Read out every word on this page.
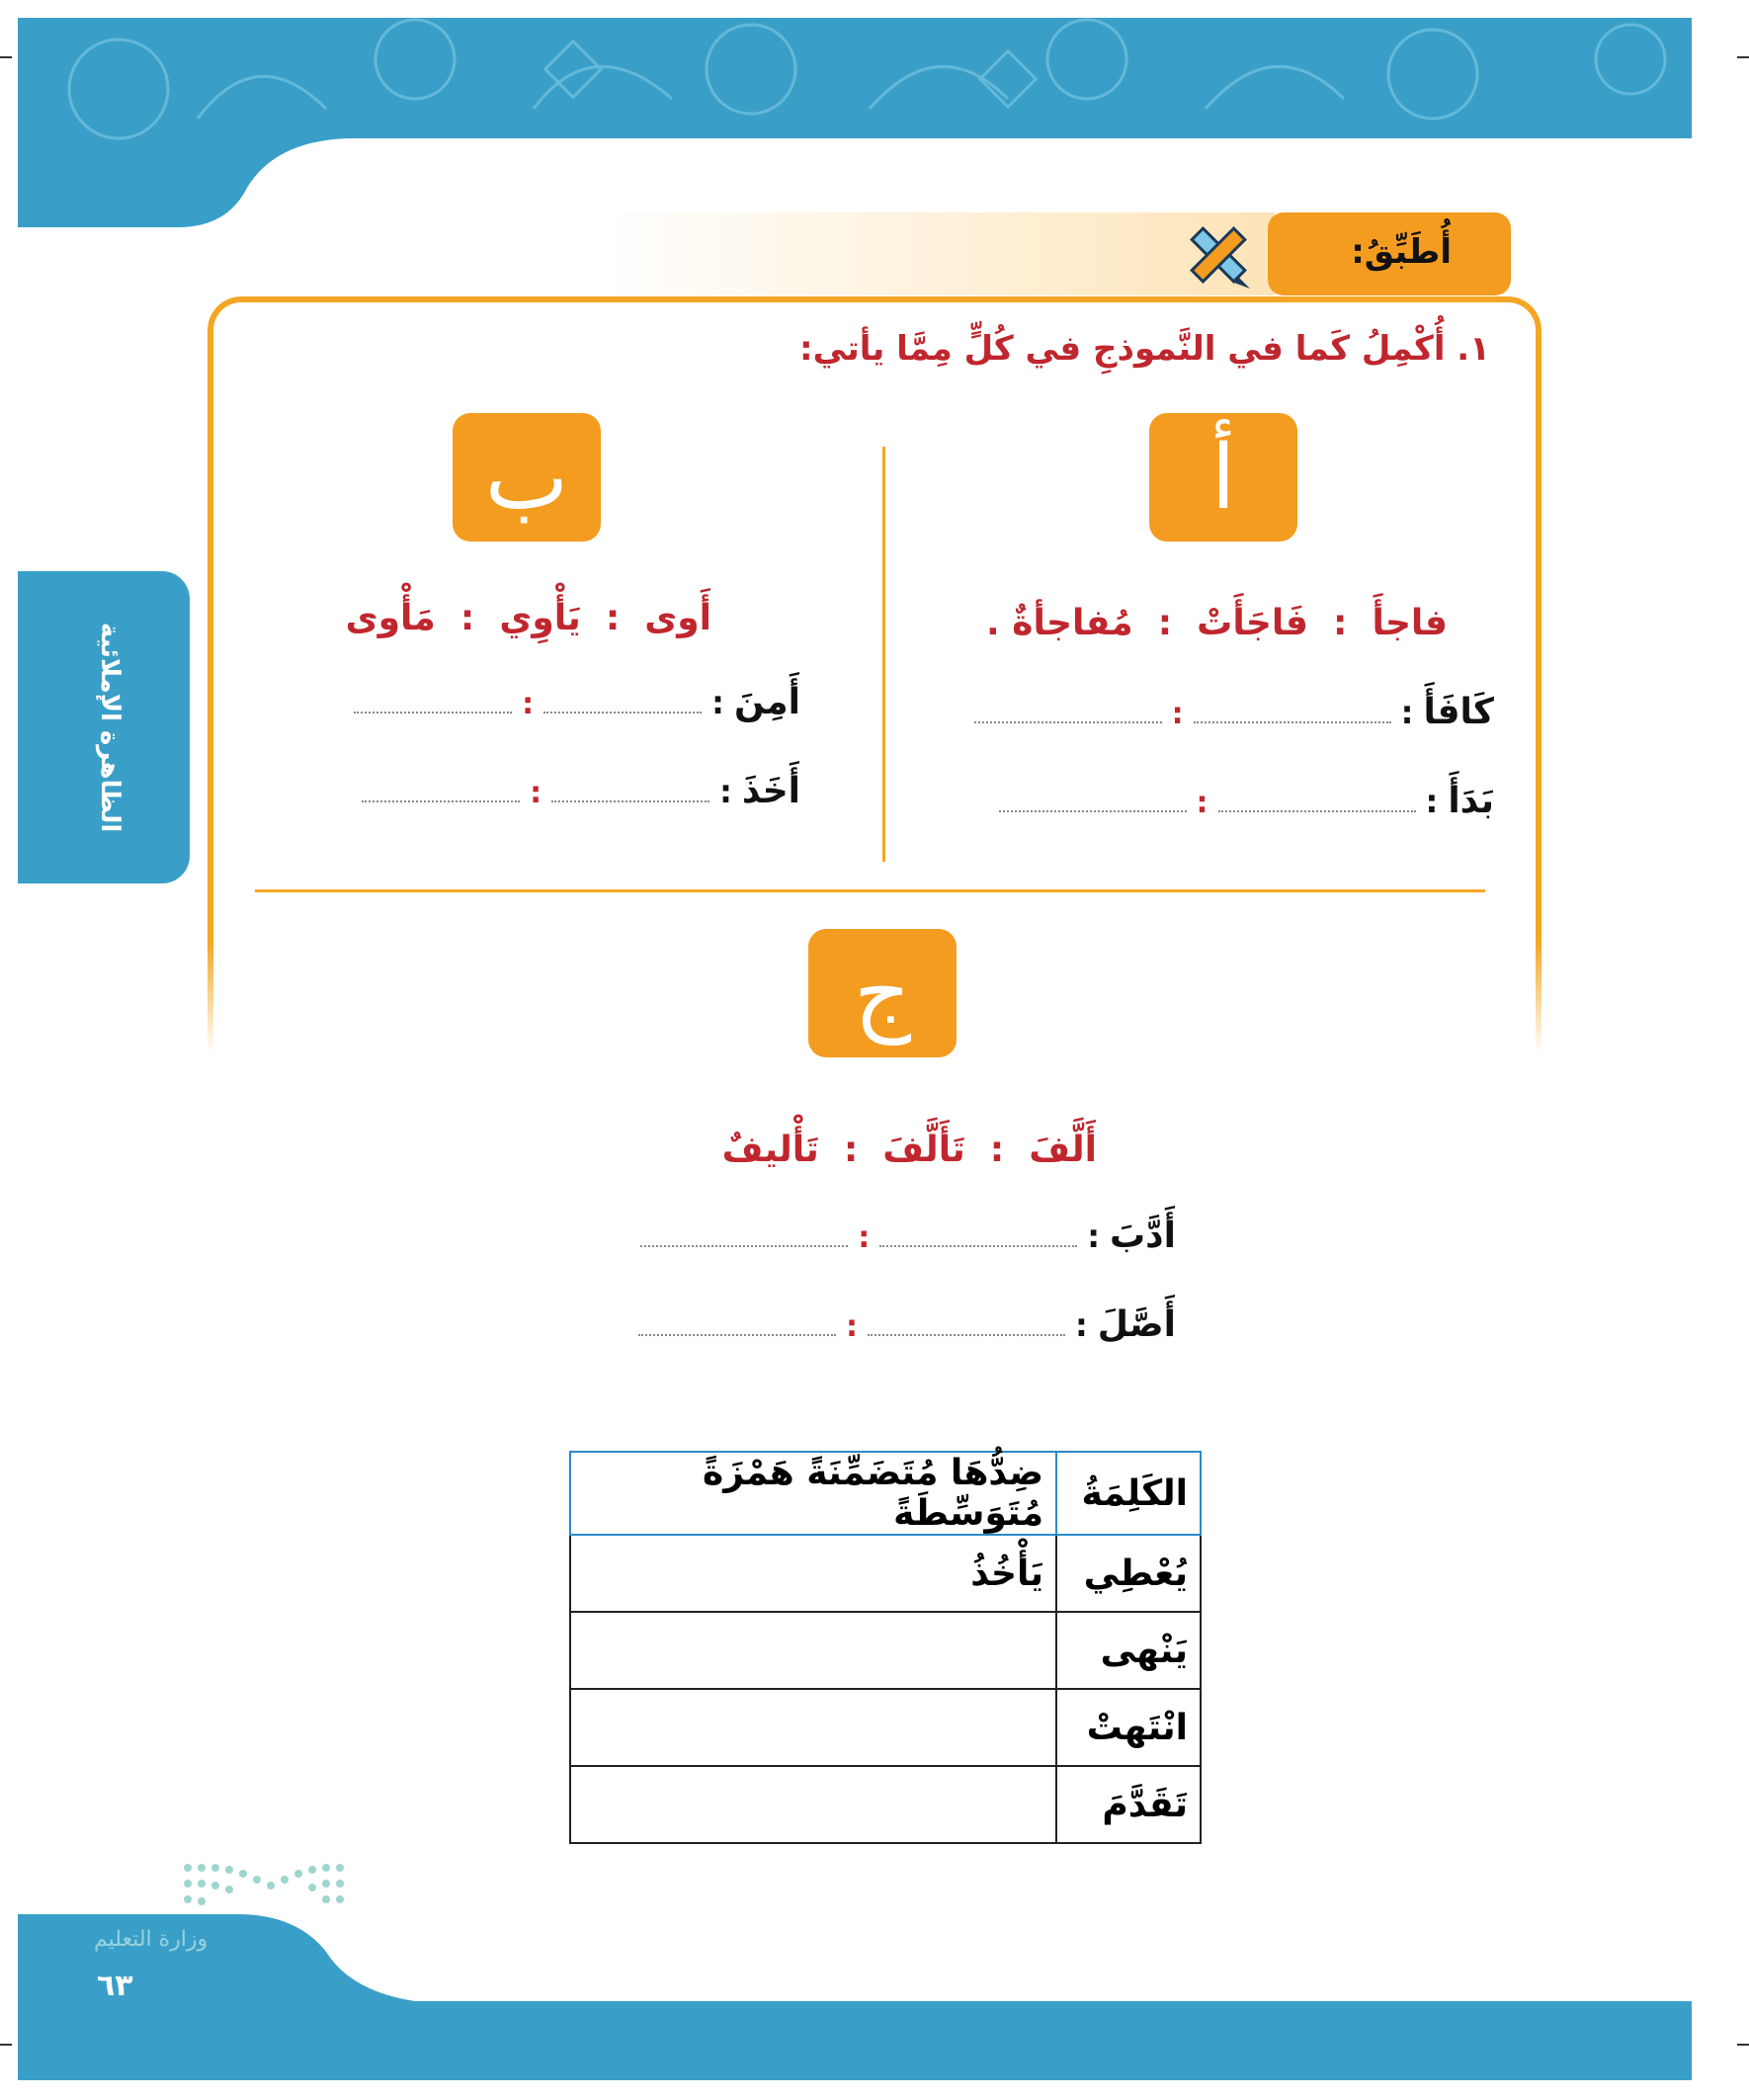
الظاهرة الإملائية
أُطَبِّقُ:
١. أُكْمِلُ كَما في النَّموذجِ في كُلٍّ مِمَّا يأتي:
أ
فاجأَ  :  فَاجَأَتْ  :  مُفاجأةٌ .
كَافَأَ
:
:
بَدَأَ
:
:
ب
أَوى  :  يَأْوِي  :  مَأْوى
أَمِنَ
:
:
أَخَذَ
:
:
ج
أَلَّفَ  :  تَأَلَّفَ  :  تَأْليفٌ
أَدَّبَ
:
:
أَصَّلَ
:
:
الكَلِمَةُ	ضِدُّهَا مُتَضَمِّنَةً هَمْزَةً مُتَوَسِّطَةً
يُعْطِي	يَأْخُذُ
يَنْهى	
انْتَهتْ	
تَقَدَّمَ	
٦٣
وزارة التعليم
